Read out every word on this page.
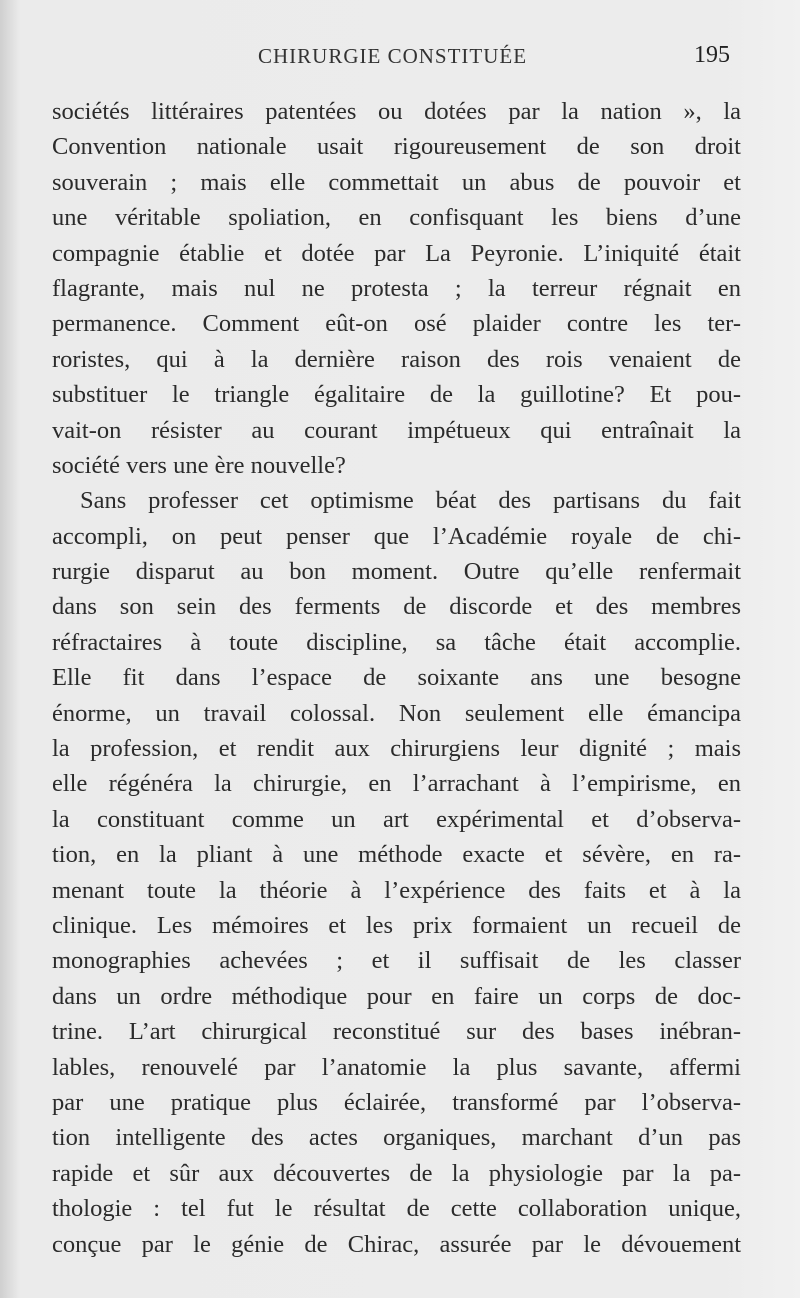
CHIRURGIE CONSTITUÉE	195
sociétés littéraires patentées ou dotées par la nation », la
Convention nationale usait rigoureusement de son droit
souverain ; mais elle commettait un abus de pouvoir et
une véritable spoliation, en confisquant les biens d’une
compagnie établie et dotée par La Peyronie. L’iniquité était
flagrante, mais nul ne protesta ; la terreur régnait en
permanence. Comment eût-on osé plaider contre les ter-
roristes, qui à la dernière raison des rois venaient de
substituer le triangle égalitaire de la guillotine? Et pou-
vait-on résister au courant impétueux qui entraînait la
société vers une ère nouvelle?
Sans professer cet optimisme béat des partisans du fait
accompli, on peut penser que l’Académie royale de chi-
rurgie disparut au bon moment. Outre qu’elle renfermait
dans son sein des ferments de discorde et des membres
réfractaires à toute discipline, sa tâche était accomplie.
Elle fit dans l’espace de soixante ans une besogne
énorme, un travail colossal. Non seulement elle émancipa
la profession, et rendit aux chirurgiens leur dignité ; mais
elle régénéra la chirurgie, en l’arrachant à l’empirisme, en
la constituant comme un art expérimental et d’observa-
tion, en la pliant à une méthode exacte et sévère, en ra-
menant toute la théorie à l’expérience des faits et à la
clinique. Les mémoires et les prix formaient un recueil de
monographies achevées ; et il suffisait de les classer
dans un ordre méthodique pour en faire un corps de doc-
trine. L’art chirurgical reconstitué sur des bases inébran-
lables, renouvelé par l’anatomie la plus savante, affermi
par une pratique plus éclairée, transformé par l’observa-
tion intelligente des actes organiques, marchant d’un pas
rapide et sûr aux découvertes de la physiologie par la pa-
thologie : tel fut le résultat de cette collaboration unique,
conçue par le génie de Chirac, assurée par le dévouement
